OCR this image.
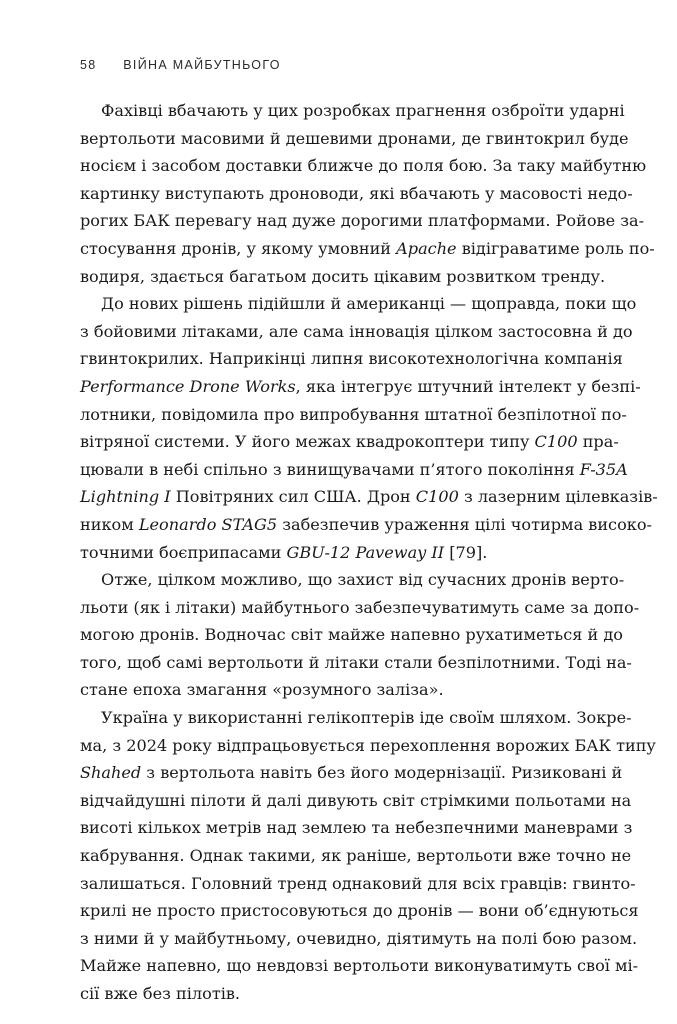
58 ВІЙНА МАЙБУТНЬОГО
Фахівці вбачають у цих розробках прагнення озброїти ударні
вертольоти масовими й дешевими дронами, де гвинтокрил буде
носієм і засобом доставки ближче до поля бою. За таку майбутню
картинку виступають дроноводи, які вбачають у масовості недо-
рогих БАК перевагу над дуже дорогими платформами. Ройове за-
стосування дронів, у якому умовний Apache відіграватиме роль по-
водиря, здається багатьом досить цікавим розвитком тренду.
До нових рішень підійшли й американці — щоправда, поки що
з бойовими літаками, але сама інновація цілком застосовна й до
гвинтокрилих. Наприкінці липня високотехнологічна компанія
Performance Drone Works, яка інтегрує штучний інтелект у безпі-
лотники, повідомила про випробування штатної безпілотної по-
вітряної системи. У його межах квадрокоптери типу C100 пра-
цювали в небі спільно з винищувачами п’ятого покоління F-35A
Lightning I Повітряних сил США. Дрон C100 з лазерним цілевказів-
ником Leonardo STAG5 забезпечив ураження цілі чотирма високо-
точними боєприпасами GBU-12 Paveway II [79].
Отже, цілком можливо, що захист від сучасних дронів верто-
льоти (як і літаки) майбутнього забезпечуватимуть саме за допо-
могою дронів. Водночас світ майже напевно рухатиметься й до
того, щоб самі вертольоти й літаки стали безпілотними. Тоді на-
стане епоха змагання «розумного заліза».
Україна у використанні гелікоптерів іде своїм шляхом. Зокре-
ма, з 2024 року відпрацьовується перехоплення ворожих БАК типу
Shahed з вертольота навіть без його модернізації. Ризиковані й
відчайдушні пілоти й далі дивують світ стрімкими польотами на
висоті кількох метрів над землею та небезпечними маневрами з
кабрування. Однак такими, як раніше, вертольоти вже точно не
залишаться. Головний тренд однаковий для всіх гравців: гвинто-
крилі не просто пристосовуються до дронів — вони об’єднуються
з ними й у майбутньому, очевидно, діятимуть на полі бою разом.
Майже напевно, що невдовзі вертольоти виконуватимуть свої мі-
сії вже без пілотів.
